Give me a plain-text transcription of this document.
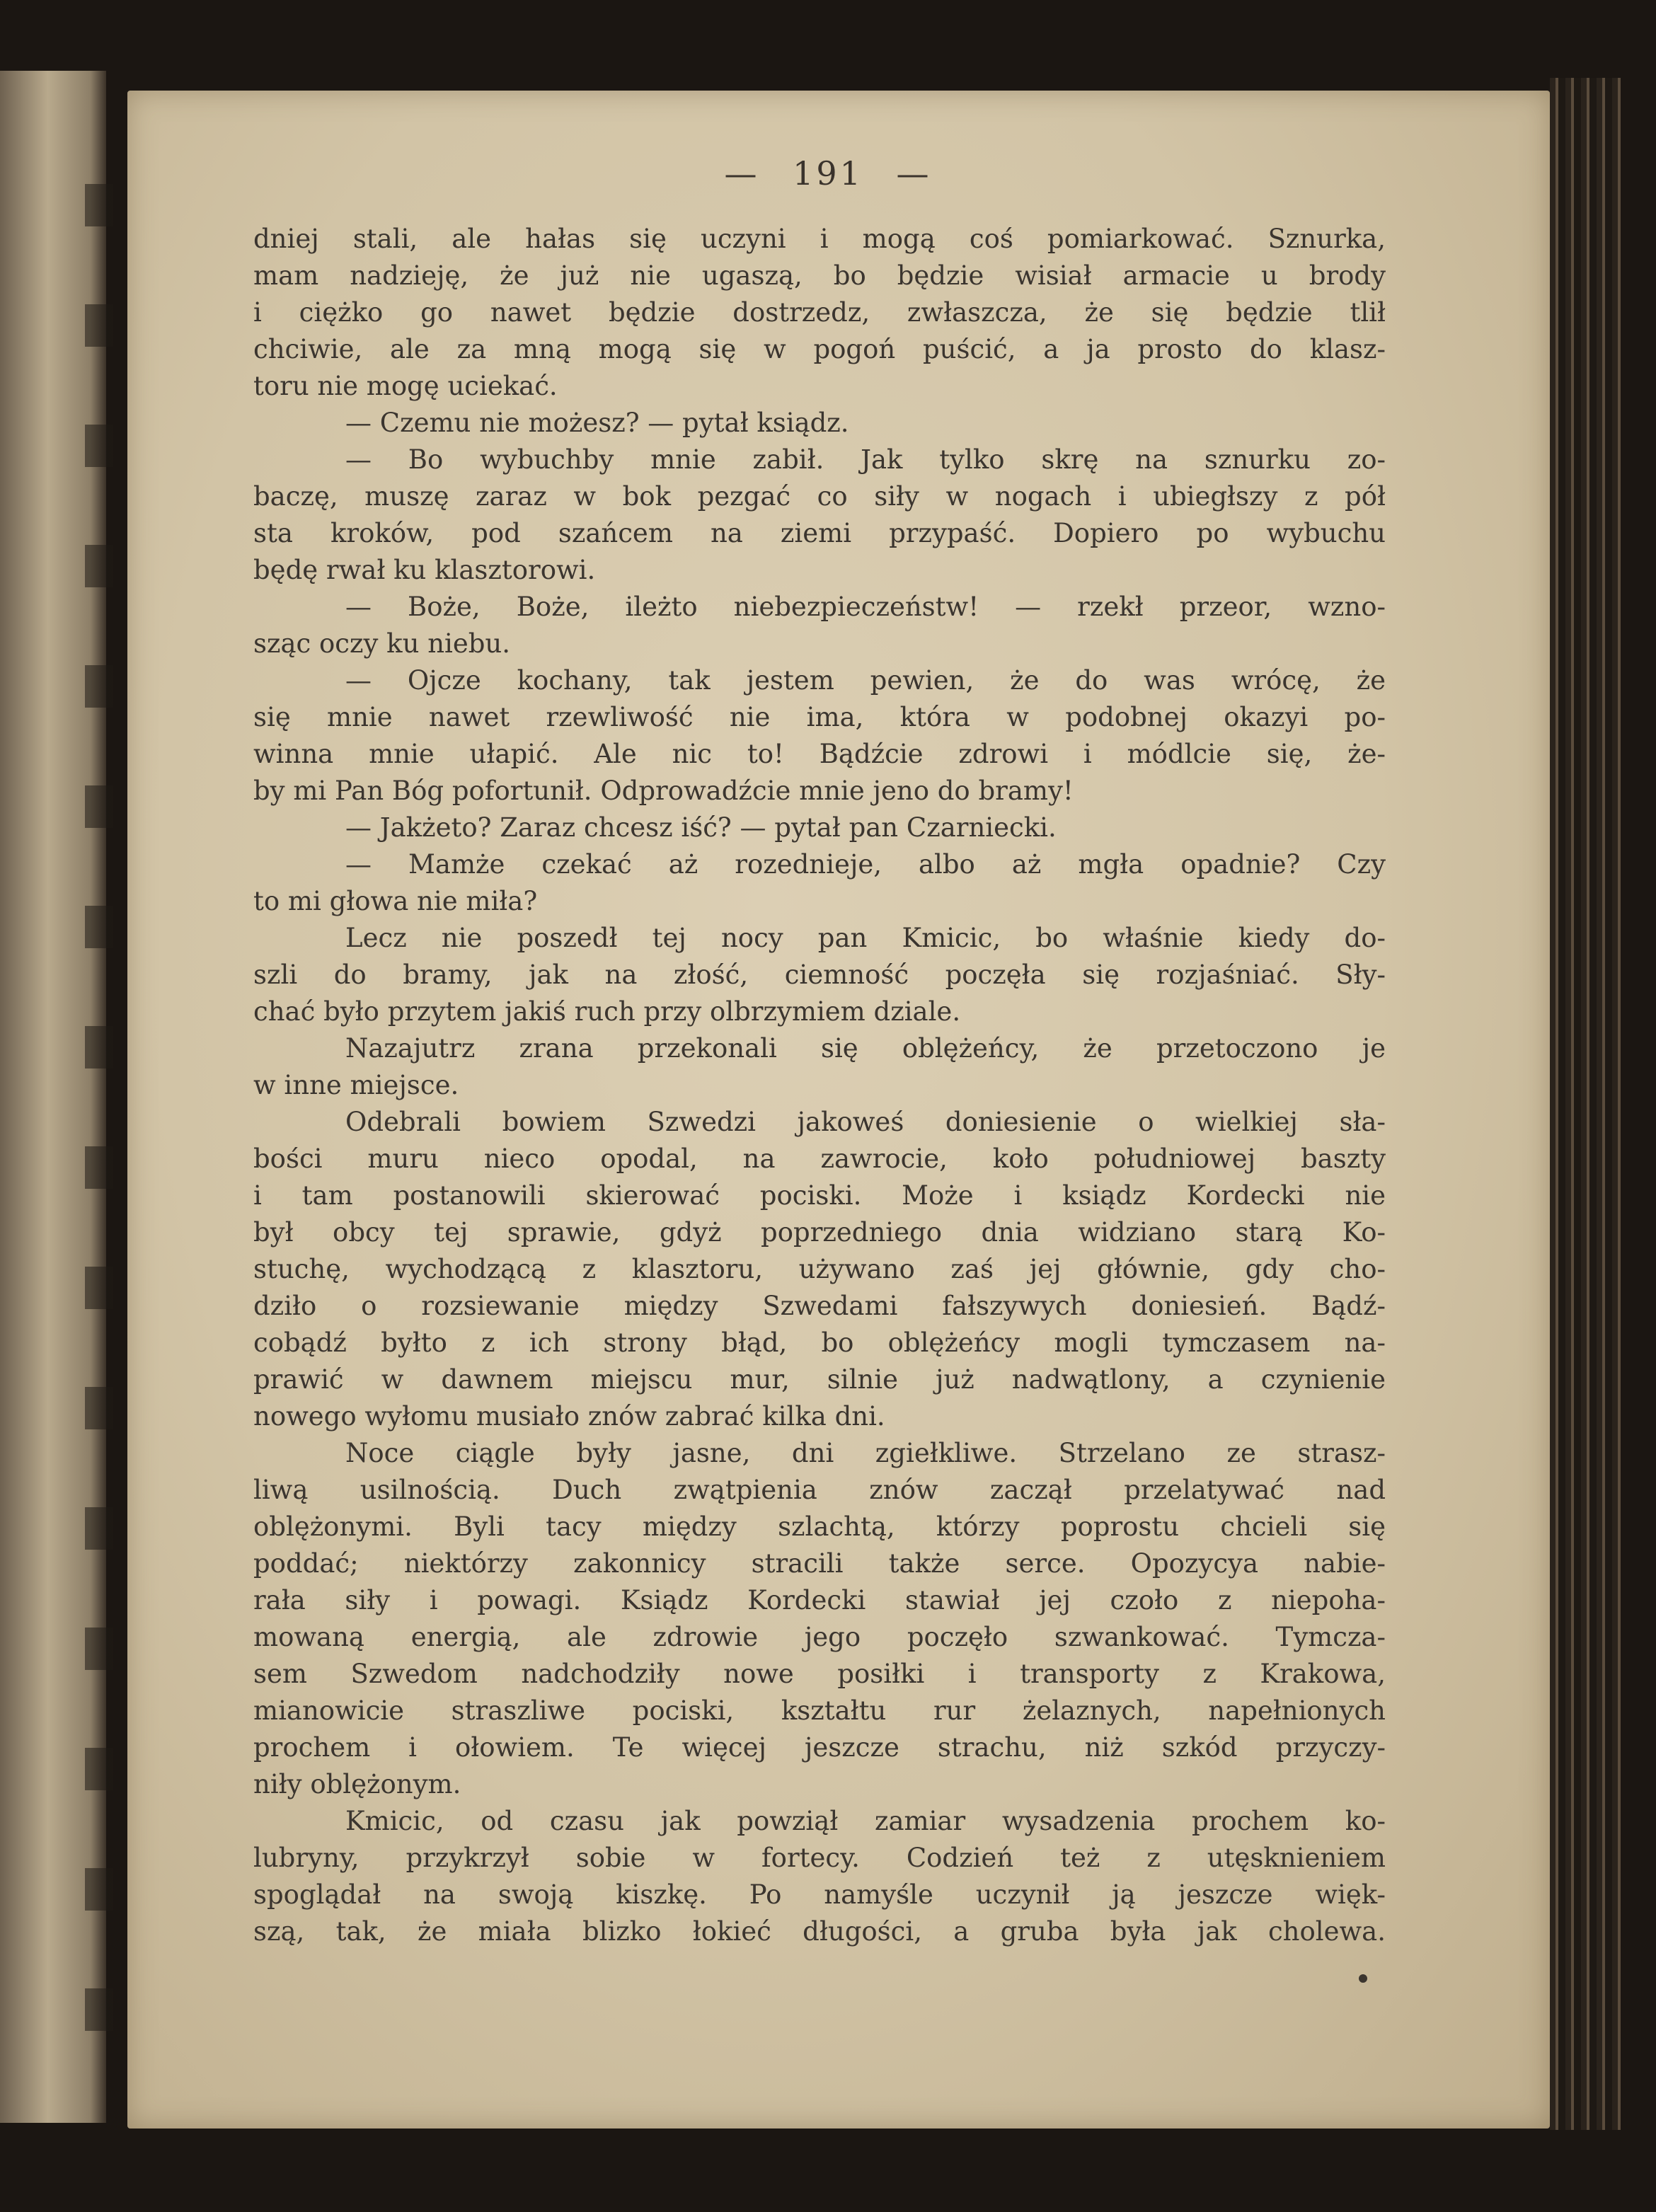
— 191 —
dniej stali, ale hałas się uczyni i mogą coś pomiarkować. Sznurka,
mam nadzieję, że już nie ugaszą, bo będzie wisiał armacie u brody
i ciężko go nawet będzie dostrzedz, zwłaszcza, że się będzie tlił
chciwie, ale za mną mogą się w pogoń puścić, a ja prosto do klasz-
toru nie mogę uciekać.
— Czemu nie możesz? — pytał ksiądz.
— Bo wybuchby mnie zabił. Jak tylko skrę na sznurku zo-
baczę, muszę zaraz w bok pezgać co siły w nogach i ubiegłszy z pół
sta kroków, pod szańcem na ziemi przypaść. Dopiero po wybuchu
będę rwał ku klasztorowi.
— Boże, Boże, ileżto niebezpieczeństw! — rzekł przeor, wzno-
sząc oczy ku niebu.
— Ojcze kochany, tak jestem pewien, że do was wrócę, że
się mnie nawet rzewliwość nie ima, która w podobnej okazyi po-
winna mnie ułapić. Ale nic to! Bądźcie zdrowi i módlcie się, że-
by mi Pan Bóg pofortunił. Odprowadźcie mnie jeno do bramy!
— Jakżeto? Zaraz chcesz iść? — pytał pan Czarniecki.
— Mamże czekać aż rozednieje, albo aż mgła opadnie? Czy
to mi głowa nie miła?
Lecz nie poszedł tej nocy pan Kmicic, bo właśnie kiedy do-
szli do bramy, jak na złość, ciemność poczęła się rozjaśniać. Sły-
chać było przytem jakiś ruch przy olbrzymiem dziale.
Nazajutrz zrana przekonali się oblężeńcy, że przetoczono je
w inne miejsce.
Odebrali bowiem Szwedzi jakoweś doniesienie o wielkiej sła-
bości muru nieco opodal, na zawrocie, koło południowej baszty
i tam postanowili skierować pociski. Może i ksiądz Kordecki nie
był obcy tej sprawie, gdyż poprzedniego dnia widziano starą Ko-
stuchę, wychodzącą z klasztoru, używano zaś jej głównie, gdy cho-
dziło o rozsiewanie między Szwedami fałszywych doniesień. Bądź-
cobądź byłto z ich strony błąd, bo oblężeńcy mogli tymczasem na-
prawić w dawnem miejscu mur, silnie już nadwątlony, a czynienie
nowego wyłomu musiało znów zabrać kilka dni.
Noce ciągle były jasne, dni zgiełkliwe. Strzelano ze strasz-
liwą usilnością. Duch zwątpienia znów zaczął przelatywać nad
oblężonymi. Byli tacy między szlachtą, którzy poprostu chcieli się
poddać; niektórzy zakonnicy stracili także serce. Opozycya nabie-
rała siły i powagi. Ksiądz Kordecki stawiał jej czoło z niepoha-
mowaną energią, ale zdrowie jego poczęło szwankować. Tymcza-
sem Szwedom nadchodziły nowe posiłki i transporty z Krakowa,
mianowicie straszliwe pociski, kształtu rur żelaznych, napełnionych
prochem i ołowiem. Te więcej jeszcze strachu, niż szkód przyczy-
niły oblężonym.
Kmicic, od czasu jak powziął zamiar wysadzenia prochem ko-
lubryny, przykrzył sobie w fortecy. Codzień też z utęsknieniem
spoglądał na swoją kiszkę. Po namyśle uczynił ją jeszcze więk-
szą, tak, że miała blizko łokieć długości, a gruba była jak cholewa.
